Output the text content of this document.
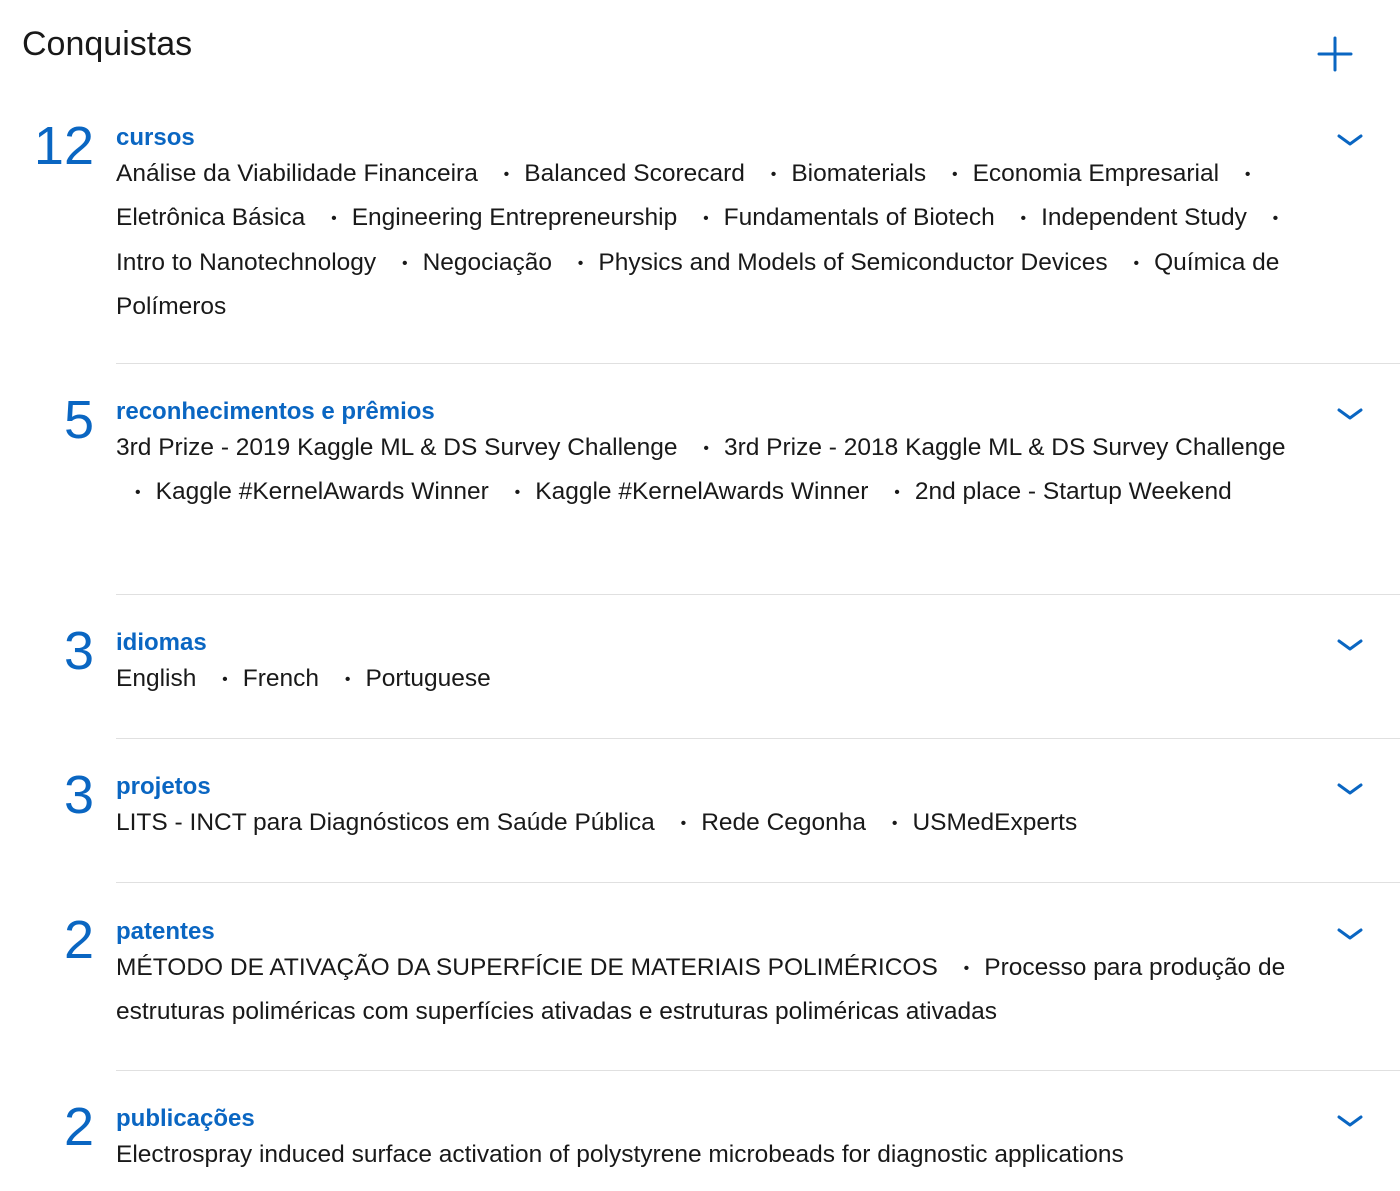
Conquistas
12 cursos
Análise da Viabilidade Financeira • Balanced Scorecard • Biomaterials • Economia Empresarial • Eletrônica Básica • Engineering Entrepreneurship • Fundamentals of Biotech • Independent Study • Intro to Nanotechnology • Negociação • Physics and Models of Semiconductor Devices • Química de Polímeros
5 reconhecimentos e prêmios
3rd Prize - 2019 Kaggle ML & DS Survey Challenge • 3rd Prize - 2018 Kaggle ML & DS Survey Challenge • Kaggle #KernelAwards Winner • Kaggle #KernelAwards Winner • 2nd place - Startup Weekend
3 idiomas
English • French • Portuguese
3 projetos
LITS - INCT para Diagnósticos em Saúde Pública • Rede Cegonha • USMedExperts
2 patentes
MÉTODO DE ATIVAÇÃO DA SUPERFÍCIE DE MATERIAIS POLIMÉRICOS • Processo para produção de estruturas poliméricas com superfícies ativadas e estruturas poliméricas ativadas
2 publicações
Electrospray induced surface activation of polystyrene microbeads for diagnostic applications
